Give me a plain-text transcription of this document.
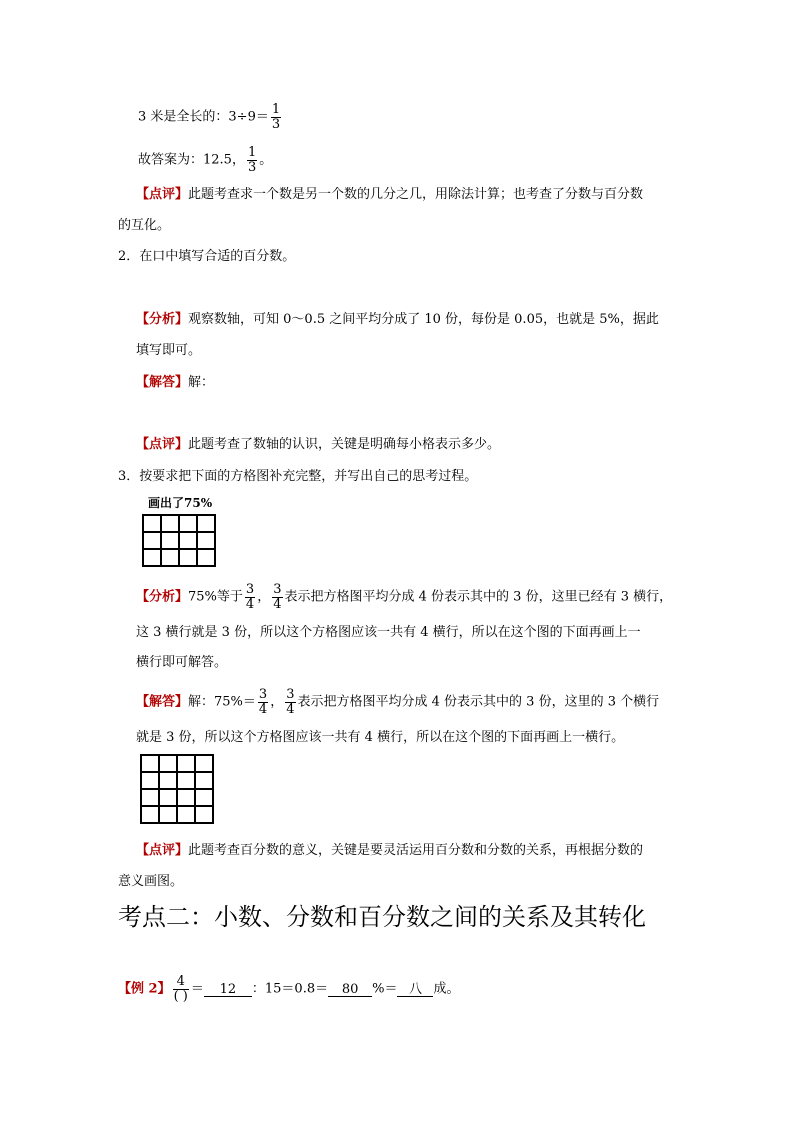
3 米是全长的：$3\div 9= \frac{1}{3}$
故答案为：12.5， $\frac{1}{3}$ 。
【点评】此题考查求一个数是另一个数的几分之几，用除法计算；也考查了分数与百分数
的互化。
2．在口中填写合适的百分数。
【分析】观察数轴，可知 0～0.5 之间平均分成了 10 份，每份是 0.05，也就是 5%，据此
填写即可。
【解答】解：
【点评】此题考查了数轴的认识，关键是明确每小格表示多少。
3．按要求把下面的方格图补充完整，并写出自己的思考过程。
画出了75%
【分析】75%等于 $\frac{3}{4}$ ， $\frac{3}{4}$ 表示把方格图平均分成 4 份表示其中的 3 份，这里已经有 3 横行，
这 3 横行就是 3 份，所以这个方格图应该一共有 4 横行，所以在这个图的下面再画上一
横行即可解答。
【解答】解：$75\%= \frac{3}{4}$ ， $\frac{3}{4}$ 表示把方格图平均分成 4 份表示其中的 3 份，这里的 3 个横行
就是 3 份，所以这个方格图应该一共有 4 横行，所以在这个图的下面再画上一横行。
【点评】此题考查百分数的意义，关键是要灵活运用百分数和分数的关系，再根据分数的
意义画图。
考点二：小数、分数和百分数之间的关系及其转化
【例 2】 $\frac{4}{( )} = 12$ ：15＝0.8＝ 80 %＝ 八 成。
